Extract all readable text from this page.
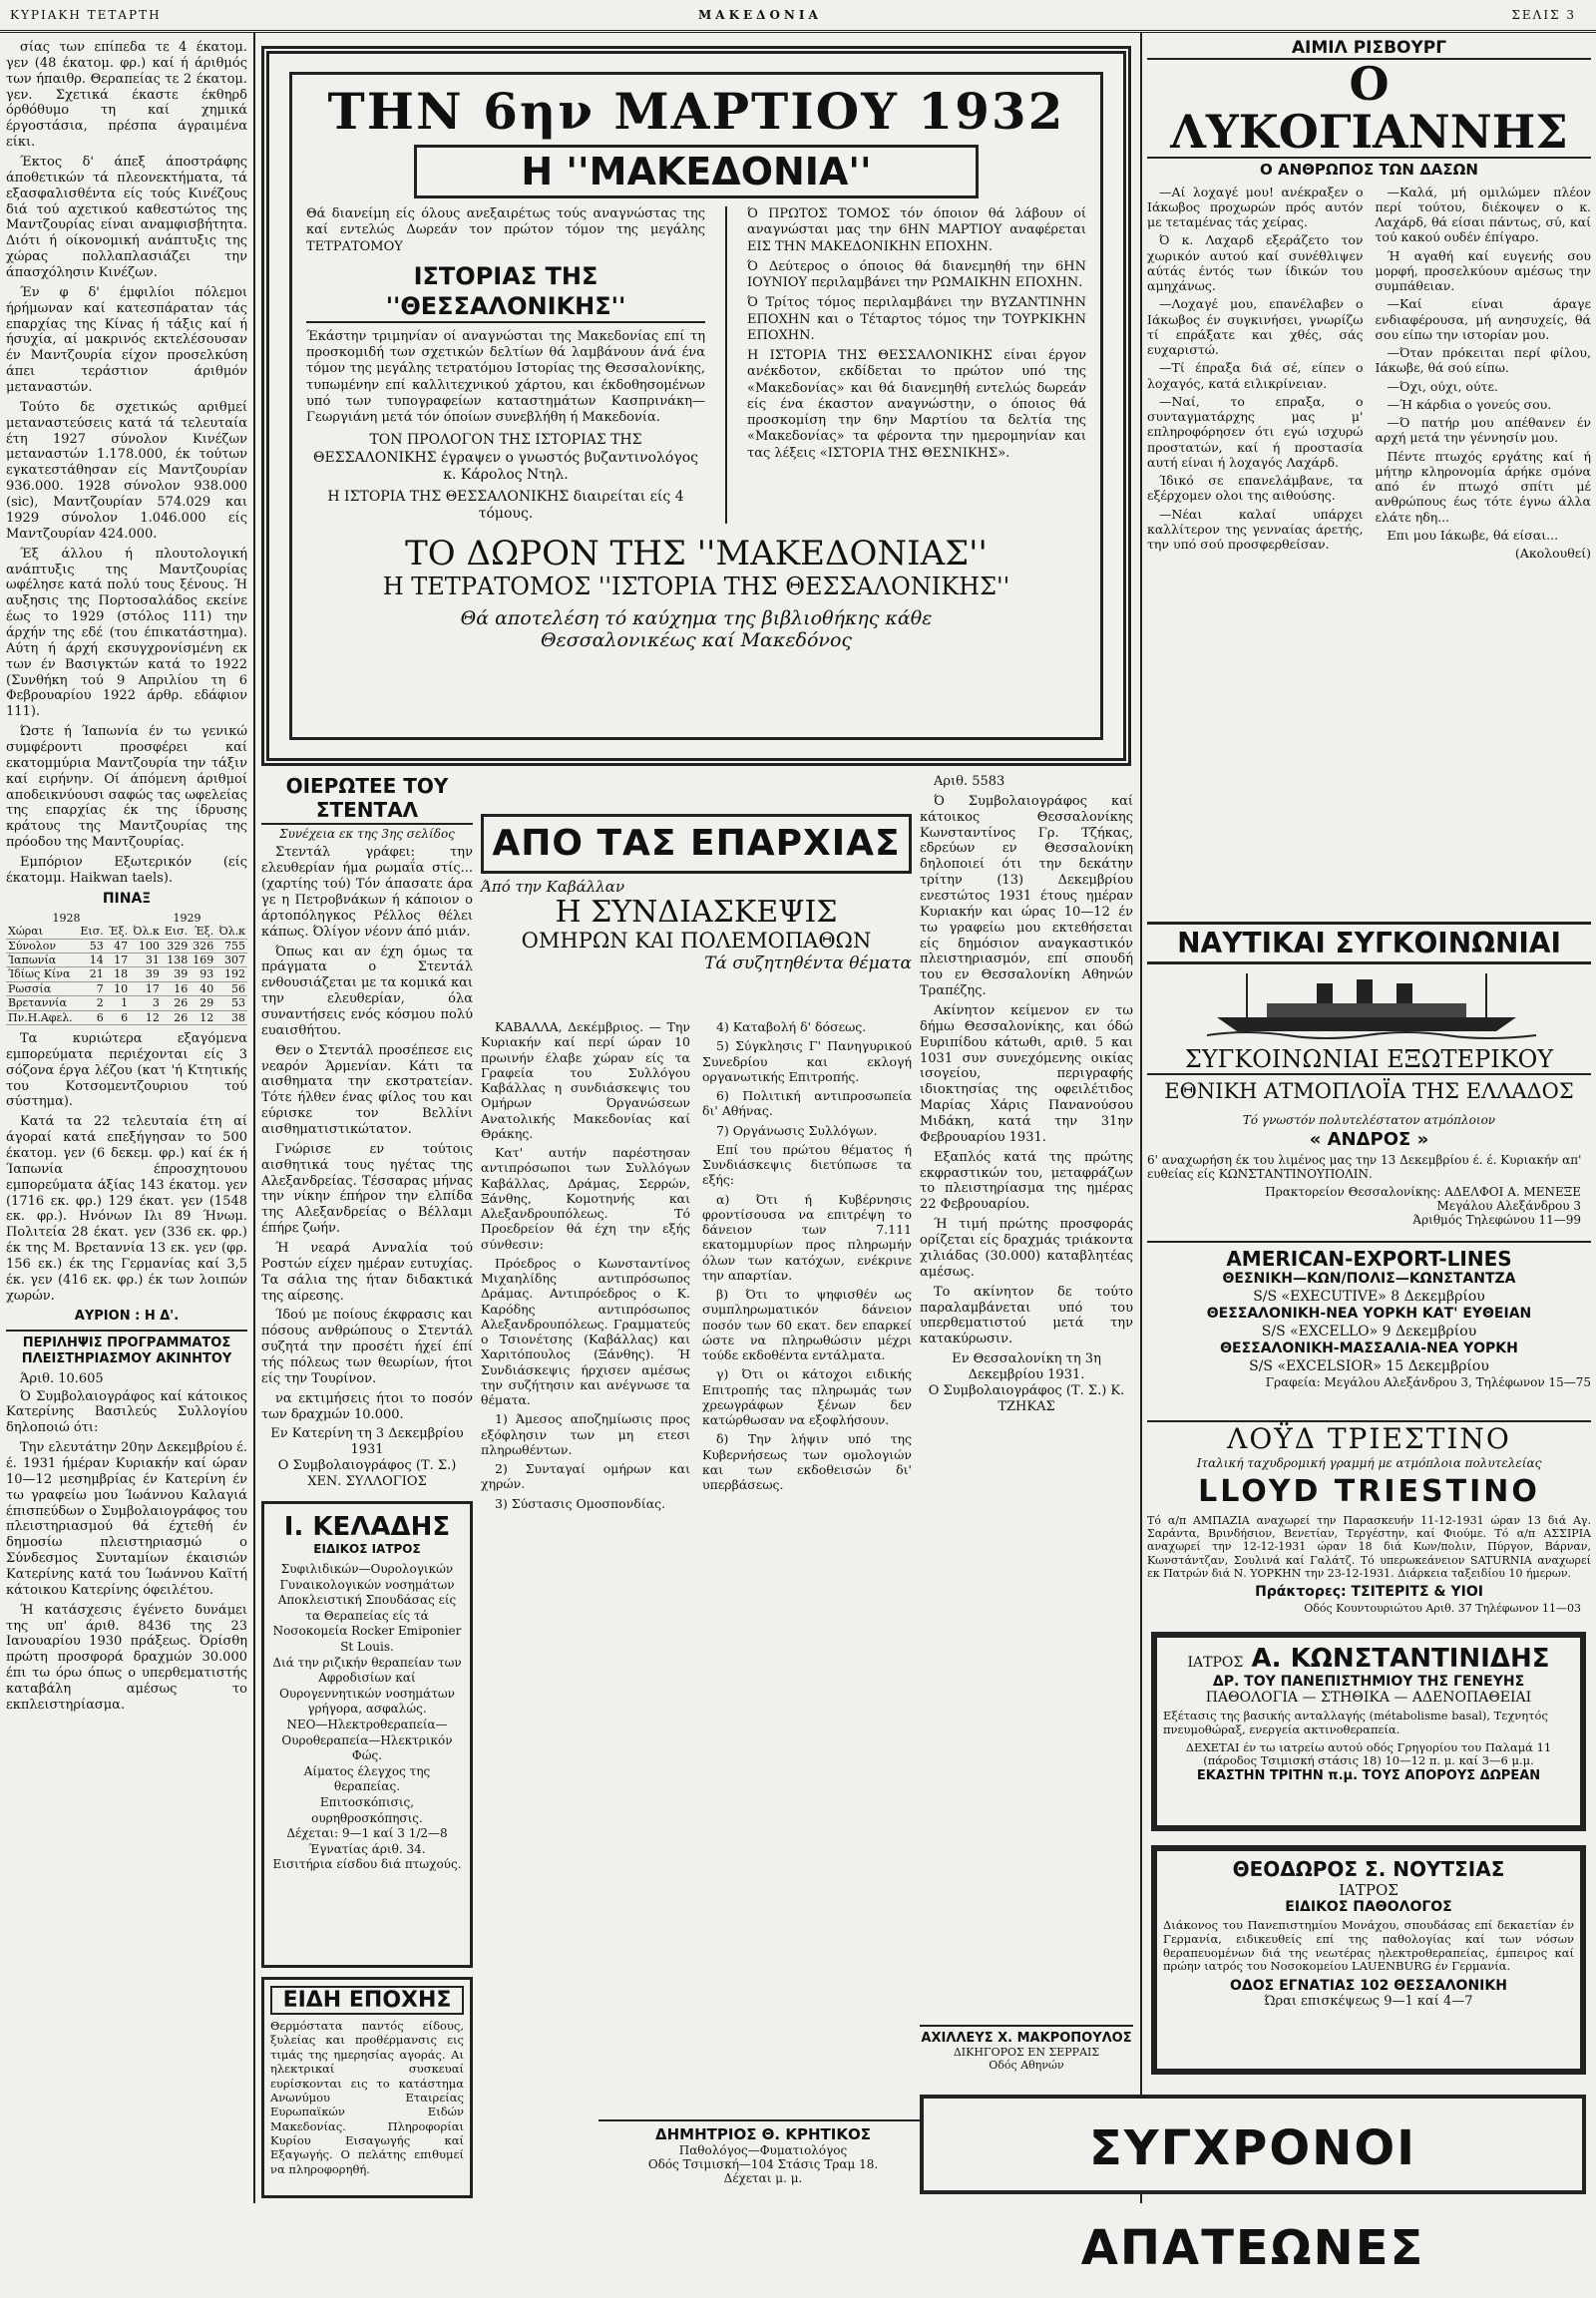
ΚΥΡΙΑΚΗ ΤΕΤΑΡΤΗ	ΜΑΚΕΔΟΝΙΑ	ΣΕΛΙΣ 3

σίας των επίπεδα τε 4 έκατομ. γεν (48 έκατομ. φρ.) καί ή άριθμός των ήπαιθρ. Θεραπείας τε 2 έκατομ. γεν. Σχετικά έκαστε έκθηρδ όρθόθυμο τη καί χημικά έργοστάσια, πρέσπα άγραιμένα είκι.

Έκτος δ' άπεξ άποστράφης άποθετικών τά πλεονεκτήματα, τά εξασφαλισθέντα είς τούς Κινέζους διά τού αχετικού καθεστώτος της Μαντζουρίας είναι αναμφισβήτητα. Διότι ή οίκονομική ανάπτυξις της χώρας πολλαπλασιάζει την άπασχόλησιν Κινέζων.

Έν φ δ' έμφιλίοι πόλεμοι ήρήμωναν καί κατεσπάραταν τάς επαρχίας της Κίνας ή τάξις καί ή ήσυχία, αί μακρινός εκτελέσουσαν έν Μαντζουρία είχον προσελκύση άπει τεράστιον άριθμόν μεταναστών.

Τούτο δε σχετικώς αριθμεί μεταναστεύσεις κατά τά τελευταία έτη 1927 σύνολον Κινέζων μεταναστών 1.178.000, έκ τούτων εγκατεστάθησαν είς Μαντζουρίαν 936.000. 1928 σύνολον 938.000 (sic), Μαντζουρίαν 574.029 και 1929 σύνολον 1.046.000 είς Μαντζουρίαν 424.000.

Έξ άλλου ή πλουτολογική ανάπτυξις της Μαντζουρίας ωφέλησε κατά πολύ τους ξένους. Ή αυξησις της Πορτοσαλάδος εκείνε έως το 1929 (στόλος 111) την άρχήν της εδέ (του έπικατάστημα). Αύτη ή άρχή εκσυγχρονίσμένη εκ των έν Βασιγκτών κατά το 1922 (Συνθήκη τού 9 Απριλίου τη 6 Φεβρουαρίου 1922 άρθρ. εδάφιον 111).

Ώστε ή Ίαπωνία έν τω γενικώ συμφέροντι προσφέρει καί εκατομμύρια Μαντζουρία την τάξιν καί ειρήνην. Οί άπόμενη άριθμοί αποδεικνύουσι σαφώς τας ωφελείας της επαρχίας έκ της ίδρυσης κράτους της Μαντζουρίας της πρόοδου της Μαντζουρίας.

Εμπόριον Εξωτερικόν (είς έκατομμ. Haikwan taels).

ΠΙΝΑΞ
1928	1929
Χώραι	Εισ.	Έξ.	Όλ.κ	Εισ.	Έξ.	Όλ.κ
Σύνολον	53	47	100	329	326	755
Ίαπωνία	14	17	31	138	169	307
Ίδίως Κίνα	21	18	39	39	93	192
Ρωσσία	7	10	17	16	40	56
Βρεταννία	2	1	3	26	29	53
Πν.Η.Αφελ.	6	6	12	26	12	38

Τα κυριώτερα εξαγόμενα εμπορεύματα περιέχονται είς 3 σόζονα έργα λέζου (κατ 'ή Κτητικής του Κοτσομεντζουριου τού σύστημα).

Κατά τα 22 τελευταία έτη αί άγοραί κατά επεξήγησαν το 500 έκατομ. γεν (6 δεκεμ. φρ.) καί έκ ή Ίαπωνία έπροσχητουου εμπορεύματα άξίας 143 έκατομ. γεν (1716 εκ. φρ.) 129 έκατ. γεν (1548 εκ. φρ.). Ηνόνων Ιλι 89 Ήνωμ. Πολιτεία 28 έκατ. γεν (336 εκ. φρ.) έκ της Μ. Βρεταννία 13 εκ. γεν (φρ. 156 εκ.) έκ της Γερμανίας καί 3,5 έκ. γεν (416 εκ. φρ.) έκ των λοιπών χωρών.

ΑΥΡΙΟΝ : Η Δ'.
ΠΕΡΙΛΗΨΙΣ ΠΡΟΓΡΑΜΜΑΤΟΣ ΠΛΕΙΣΤΗΡΙΑΣΜΟΥ ΑΚΙΝΗΤΟΥ
Άριθ. 10.605

Ό Συμβολαιογράφος καί κάτοικος Κατερίνης Βασιλεύς Συλλογίου δηλοποιώ ότι:

Την ελευτάτην 20ην Δεκεμβρίου έ. έ. 1931 ήμέραν Κυριακήν καί ώραν 10—12 μεσημβρίας έν Κατερίνη έν τω γραφείω μου Ίωάννου Καλαγιά έπισπεύδων ο Συμβολαιογράφος του πλειστηριασμού θά έχτεθή έν δημοσίω πλειστηριασμώ ο Σύνδεσμος Συνταμίων έκαισιών Κατερίνης κατά του Ίωάννου Καϊτή κάτοικου Κατερίνης όφειλέτου.

Ή κατάσχεσις έγένετο δυνάμει της υπ' άριθ. 8436 της 23 Ιανουαρίου 1930 πράξεως. Όρίσθη πρώτη προσφορά δραχμών 30.000 έπι τω όρω όπως ο υπερθεματιστής καταβάλη αμέσως το εκπλειστηρίασμα.

ΤΗΝ 6ην ΜΑΡΤΙΟΥ 1932
Η ''ΜΑΚΕΔΟΝΙΑ''
Θά διανείμη είς όλους ανεξαιρέτως τούς αναγνώστας της καί εντελώς Δωρεάν τον πρώτον τόμον της μεγάλης ΤΕΤΡΑΤΟΜΟΥ
ΙΣΤΟΡΙΑΣ ΤΗΣ ''ΘΕΣΣΑΛΟΝΙΚΗΣ''
Έκάστην τριμηνίαν οί αναγνώσται της Μακεδονίας επί τη προσκομιδή των σχετικών δελτίων θά λαμβάνουν άνά ένα τόμον της μεγάλης τετρατόμου Ιστορίας της Θεσσαλονίκης, τυπωμένην επί καλλιτεχνικού χάρτου, και έκδοθησομένων υπό των τυπογραφείων καταστημάτων Κασπρινάκη—Γεωργιάνη μετά τόν όποίων συνεβλήθη ή Μακεδονία.
ΤΟΝ ΠΡΟΛΟΓΟΝ ΤΗΣ ΙΣΤΟΡΙΑΣ ΤΗΣ ΘΕΣΣΑΛΟΝΙΚΗΣ έγραψεν ο γνωστός βυζαντινολόγος κ. Κάρολος Ντηλ.
Η ΙΣΤΟΡΙΑ ΤΗΣ ΘΕΣΣΑΛΟΝΙΚΗΣ διαιρείται είς 4 τόμους.

Ό ΠΡΩΤΟΣ ΤΟΜΟΣ τόν όποιον θά λάβουν οί αναγνώσται μας την 6ΗΝ ΜΑΡΤΙΟΥ αναφέρεται ΕΙΣ ΤΗΝ ΜΑΚΕΔΟΝΙΚΗΝ ΕΠΟΧΗΝ.

Ό Δεύτερος ο όποιος θά διανεμηθή την 6ΗΝ ΙΟΥΝΙΟΥ περιλαμβάνει την ΡΩΜΑΙΚΗΝ ΕΠΟΧΗΝ.

Ό Τρίτος τόμος περιλαμβάνει την ΒΥΖΑΝΤΙΝΗΝ ΕΠΟΧΗΝ και ο Τέταρτος τόμος την ΤΟΥΡΚΙΚΗΝ ΕΠΟΧΗΝ.

Η ΙΣΤΟΡΙΑ ΤΗΣ ΘΕΣΣΑΛΟΝΙΚΗΣ είναι έργον ανέκδοτον, εκδίδεται το πρώτον υπό της «Μακεδονίας» και θά διανεμηθή εντελώς δωρεάν είς ένα έκαστον αναγνώστην, ο όποιος θά προσκομίση την 6ην Μαρτίου τα δελτία της «Μακεδονίας» τα φέροντα την ημερομηνίαν και τας λέξεις «ΙΣΤΟΡΙΑ ΤΗΣ ΘΕΣΝΙΚΗΣ».

ΤΟ ΔΩΡΟΝ ΤΗΣ ''ΜΑΚΕΔΟΝΙΑΣ''
Η ΤΕΤΡΑΤΟΜΟΣ ''ΙΣΤΟΡΙΑ ΤΗΣ ΘΕΣΣΑΛΟΝΙΚΗΣ''
Θά αποτελέση τό καύχημα της βιβλιοθήκης κάθε
Θεσσαλονικέως καί Μακεδόνος
ΑΙΜΙΛ ΡΙΣΒΟΥΡΓ
Ο ΛΥΚΟΓΙΑΝΝΗΣ
Ο ΑΝΘΡΩΠΟΣ ΤΩΝ ΔΑΣΩΝ

—Αί λοχαγέ μου! ανέκραξεν ο Ιάκωβος προχωρών πρός αυτόν με τεταμένας τάς χείρας.

Ό κ. Λαχαρδ εξεράζετο τον χωρικόν αυτού καί συνέθλιψεν αύτάς έντός των ίδικών του αμηχάνως.

—Λοχαγέ μου, επανέλαβεν ο Ιάκωβος έν συγκινήσει, γνωρίζω τί επράξατε και χθές, σάς ευχαριστώ.

—Τί έπραξα διά σέ, είπεν ο λοχαγός, κατά ειλικρίνειαν.

—Ναί, το επραξα, ο συνταγματάρχης μας μ' επληροφόρησεν ότι εγώ ισχυρώ προστατών, καί ή προστασία αυτή είναι ή λοχαγός Λαχάρδ.

Ίδικό σε επανελάμβανε, τα εξέρχομεν ολοι της αιθούσης.

—Νέαι καλαί υπάρχει καλλίτερον της γενναίας άρετής, την υπό σού προσφερθείσαν.

—Καλά, μή ομιλώμεν πλέον περί τούτου, διέκοψεν ο κ. Λαχάρδ, θά είσαι πάντως, σύ, καί τού κακού ουδέν έπίγαρο.

Ή αγαθή καί ευγενής σου μορφή, προσελκύουν αμέσως την συμπάθειαν.

—Καί είναι άραγε ενδιαφέρουσα, μή ανησυχείς, θά σου είπω την ιστορίαν μου.

—Όταν πρόκειται περί φίλου, Ιάκωβε, θά σού είπω.

—Όχι, ούχι, ούτε.

—Ή κάρδια ο γονεύς σου.

—Ό πατήρ μου απέθανεν έν αρχή μετά την γέννησίν μου.

Πέντε πτωχός εργάτης καί ή μήτηρ κληρονομία άρήκε σμόνα από έν πτωχό σπίτι μέ ανθρώπους έως τότε έγνω άλλα ελάτε ηδη...

Επι μου Ιάκωβε, θά είσαι...

(Ακολουθεί)
ΟΙΕΡΩΤΕΕ ΤΟΥ ΣΤΕΝΤΑΛ
Συνέχεια εκ της 3ης σελίδος

Στεντάλ γράφει: την ελευθερίαν ήμα ρωμαΐα στίς... (χαρτίης τού) Τόν άπασατε άρα γε η Πετροβνάκων ή κάποιον ο άρτοπόληγκος Ρέλλος θέλει κάπως. Όλίγον νέονν άπό μιάν.

Όπως και αν έχη όμως τα πράγματα ο Στεντάλ ενθουσιάζεται με τα κομικά και την ελευθερίαν, όλα συναντήσεις ενός κόσμου πολύ ευαισθήτου.

Θεν ο Στεντάλ προσέπεσε εις νεαρόν Άρμενίαν. Κάτι τα αισθηματα την εκστρατείαν. Τότε ήλθεν ένας φίλος του και εύρισκε τον Βελλίνι αισθηματιστικώτατον.

Γνώρισε εν τούτοις αισθητικά τους ηγέτας της Αλεξανδρείας. Τέσσαρας μήνας την νίκην έπήρον την ελπίδα της Αλεξανδρείας ο Βέλλαμι έπήρε ζωήν.

Ή νεαρά Ανναλία τού Ροστών είχεν ημέραν ευτυχίας. Τα σάλια της ήταν διδακτικά της αίρεσης.

Ίδού με ποίους έκφρασις και πόσους ανθρώπους ο Στεντάλ συζητά την προσέτι ήχεί έπί τής πόλεως των θεωρίων, ήτοι είς την Τουρίνον.

να εκτιμήσεις ήτοι το ποσόν των δραχμών 10.000.

Εν Κατερίνη τη 3 Δεκεμβρίου 1931
Ο Συμβολαιογράφος (Τ. Σ.) ΧΕΝ. ΣΥΛΛΟΓΙΟΣ
ΑΠΟ ΤΑΣ ΕΠΑΡΧΙΑΣ
Άπό την Καβάλλαν
Η ΣΥΝΔΙΑΣΚΕΨΙΣ
ΟΜΗΡΩΝ ΚΑΙ ΠΟΛΕΜΟΠΑΘΩΝ
Τά συζητηθέντα θέματα

ΚΑΒΑΛΛΑ, Δεκέμβριος. — Την Κυριακήν καί περί ώραν 10 πρωινήν έλαβε χώραν είς τα Γραφεία του Συλλόγου Καβάλλας η συνδιάσκεψις του Ομήρων Όργανώσεων Ανατολικής Μακεδονίας καί Θράκης.

Κατ' αυτήν παρέστησαν αντιπρόσωποι των Συλλόγων Καβάλλας, Δράμας, Σερρών, Ξάνθης, Κομοτηνής και Αλεξανδρουπόλεως. Τό Προεδρείον θά έχη την εξής σύνθεσιν:

Πρόεδρος ο Κωνσταντίνος Μιχαηλίδης αντιπρόσωπος Δράμας. Αντιπρόεδρος ο Κ. Καρόδης αντιπρόσωπος Αλεξανδρουπόλεως. Γραμματεύς ο Τσιονέτσης (Καβάλλας) και Χαριτόπουλος (Ξάνθης). Ή Συνδιάσκεψις ήρχισεν αμέσως την συζήτησιν και ανέγνωσε τα θέματα.

1) Άμεσος αποζημίωσις προς εξόφλησιν των μη ετεσι πληρωθέντων.

2) Συνταγαί ομήρων και χηρών.

3) Σύστασις Ομοσπονδίας.

4) Καταβολή δ' δόσεως.

5) Σύγκλησις Γ' Πανηγυρικού Συνεδρίου και εκλογή οργανωτικής Επιτροπής.

6) Πολιτική αντιπροσωπεία δι' Αθήνας.

7) Οργάνωσις Συλλόγων.

Επί του πρώτου θέματος ή Συνδιάσκεψις διετύπωσε τα εξής:

α) Ότι ή Κυβέρνησις φροντίσουσα να επιτρέψη το δάνειον των 7.111 εκατομμυρίων προς πληρωμήν όλων των κατόχων, ενέκρινε την απαρτίαν.

β) Ότι το ψηφισθέν ως συμπληρωματικόν δάνειον ποσόν των 60 εκατ. δεν επαρκεί ώστε να πληρωθώσιν μέχρι τούδε εκδοθέντα εντάλματα.

γ) Ότι οι κάτοχοι ειδικής Επιτροπής τας πληρωμάς των χρεωγράφων ξένων δεν κατώρθωσαν να εξοφλήσουν.

δ) Την λήψιν υπό της Κυβερνήσεως των ομολογιών και των εκδοθεισών δι' υπερβάσεως.

Αριθ. 5583

Ό Συμβολαιογράφος καί κάτοικος Θεσσαλονίκης Κωνσταντίνος Γρ. Τζήκας, εδρεύων εν Θεσσαλονίκη δηλοποιεί ότι την δεκάτην τρίτην (13) Δεκεμβρίου ενεστώτος 1931 έτους ημέραν Κυριακήν και ώρας 10—12 έν τω γραφείω μου εκτεθήσεται είς δημόσιον αναγκαστικόν πλειστηριασμόν, επί σπουδή του εν Θεσσαλονίκη Αθηνών Τραπέζης.

Ακίνητον κείμενον εν τω δήμω Θεσσαλονίκης, και όδώ Ευριπίδου κάτωθι, αριθ. 5 και 1031 συν συνεχόμενης οικίας ισογείου, περιγραφής ιδιοκτησίας της οφειλέτιδος Μαρίας Χάρις Πανανούσου Μιδάκη, κατά την 31ην Φεβρουαρίου 1931.

Εξαπλός κατά της πρώτης εκφραστικών του, μεταφράζων το πλειστηρίασμα της ημέρας 22 Φεβρουαρίου.

Ή τιμή πρώτης προσφοράς ορίζεται είς δραχμάς τριάκοντα χιλιάδας (30.000) καταβλητέας αμέσως.

Το ακίνητον δε τούτο παραλαμβάνεται υπό του υπερθεματιστού μετά την κατακύρωσιν.

Εν Θεσσαλονίκη τη 3η Δεκεμβρίου 1931.
Ο Συμβολαιογράφος (Τ. Σ.) Κ. ΤΖΗΚΑΣ
ΑΧΙΛΛΕΥΣ Χ. ΜΑΚΡΟΠΟΥΛΟΣ
ΔΙΚΗΓΟΡΟΣ ΕΝ ΣΕΡΡΑΙΣ
Οδός Αθηνών
ΔΗΜΗΤΡΙΟΣ Θ. ΚΡΗΤΙΚΟΣ
Παθολόγος—Φυματιολόγος
Οδός Τσιμισκή—104 Στάσις Τραμ 18.
Δέχεται μ. μ.
Ι. ΚΕΛΑΔΗΣ
ΕΙΔΙΚΟΣ ΙΑΤΡΟΣ
Συφιλιδικών—Ουρολογικών Γυναικολογικών νοσημάτων
Αποκλειστική Σπουδάσας είς τα Θεραπείας είς τά Νοσοκομεία Rocker Emiponier St Louis.
Διά την ριζικήν θεραπείαν των Αφροδισίων καί Ουρογεννητικών νοσημάτων γρήγορα, ασφαλώς.
ΝΕΟ—Ηλεκτροθεραπεία—Ουροθεραπεία—Ηλεκτρικόν Φώς.
Αίματος έλεγχος της θεραπείας.
Επιτοσκόπισις, ουρηθροσκόπησις.
Δέχεται: 9—1 καί 3 1/2—8
Έγνατίας άριθ. 34.
Εισιτήρια είσδου διά πτωχούς.
ΕΙΔΗ ΕΠΟΧΗΣ
Θερμόστατα παντός είδους, ξυλείας και προθέρμανσις εις τιμάς της ημερησίας αγοράς. Αι ηλεκτρικαί συσκευαί ευρίσκονται εις το κατάστημα Ανωνύμου Εταιρείας Ευρωπαϊκών Ειδών Μακεδονίας. Πληροφορίαι Κυρίου Εισαγωγής καί Εξαγωγής. Ο πελάτης επιθυμεί να πληροφορηθή.
ΝΑΥΤΙΚΑΙ ΣΥΓΚΟΙΝΩΝΙΑΙ
ΣΥΓΚΟΙΝΩΝΙΑΙ ΕΞΩΤΕΡΙΚΟΥ
ΕΘΝΙΚΗ ΑΤΜΟΠΛΟΪΑ ΤΗΣ ΕΛΛΑΔΟΣ
Τό γνωστόν πολυτελέστατον ατμόπλοιον
« ΑΝΔΡΟΣ »
6' αναχωρήση έκ του λιμένος μας την 13 Δεκεμβρίου έ. έ. Κυριακήν απ' ευθείας είς ΚΩΝΣΤΑΝΤΙΝΟΥΠΟΛΙΝ.
Πρακτορείον Θεσσαλονίκης: ΑΔΕΛΦΟΙ Α. ΜΕΝΕΞΕ
Μεγάλου Αλεξάνδρου 3
Άριθμός Τηλεφώνου 11—99
AMERICAN-EXPORT-LINES
ΘΕΣΝΙΚΗ—ΚΩΝ/ΠΟΛΙΣ—ΚΩΝΣΤΑΝΤΖΑ
S/S «EXECUTIVE» 8 Δεκεμβρίου
ΘΕΣΣΑΛΟΝΙΚΗ-ΝΕΑ ΥΟΡΚΗ ΚΑΤ' ΕΥΘΕΙΑΝ
S/S «EXCELLO» 9 Δεκεμβρίου
ΘΕΣΣΑΛΟΝΙΚΗ-ΜΑΣΣΑΛΙΑ-ΝΕΑ ΥΟΡΚΗ
S/S «EXCELSIOR» 15 Δεκεμβρίου
Γραφεία: Μεγάλου Αλεξάνδρου 3, Τηλέφωνον 15—75
ΛΟΫΔ ΤΡΙΕΣΤΙΝΟ
Ιταλική ταχυδρομική γραμμή με ατμόπλοια πολυτελείας
LLOYD TRIESTINO
Τό α/π ΑΜΠΑΖΙΑ αναχωρεί την Παρασκευήν 11-12-1931 ώραν 13 διά Αγ. Σαράντα, Βρινδήσιον, Βενετίαν, Τεργέστην, καί Φιούμε. Τό α/π ΑΣΣΙΡΙΑ αναχωρεί την 12-12-1931 ώραν 18 διά Κων/πολιν, Πύργον, Βάρναν, Κωνστάντζαν, Σουλινά καί Γαλάτζ. Τό υπερωκεάνειον SATURNIA αναχωρεί εκ Πατρών διά Ν. ΥΟΡΚΗΝ την 23-12-1931. Διάρκεια ταξειδίου 10 ήμερων.
Πράκτορες: ΤΣΙΤΕΡΙΤΣ & ΥΙΟΙ
Οδός Κουντουριώτου Αριθ. 37 Τηλέφωνον 11—03
ΙΑΤΡΟΣ Α. ΚΩΝΣΤΑΝΤΙΝΙΔΗΣ
ΔΡ. ΤΟΥ ΠΑΝΕΠΙΣΤΗΜΙΟΥ ΤΗΣ ΓΕΝΕΥΗΣ
ΠΑΘΟΛΟΓΙΑ — ΣΤΗΘΙΚΑ — ΑΔΕΝΟΠΑΘΕΙΑΙ
Εξέτασις της βασικής ανταλλαγής (métabolisme basal), Τεχνητός πνευμοθώραξ, ενεργεία ακτινοθεραπεία.
ΔΕΧΕΤΑΙ έν τω ιατρείω αυτού οδός Γρηγορίου του Παλαμά 11 (πάροδος Τσιμισκή στάσις 18) 10—12 π. μ. καί 3—6 μ.μ.
ΕΚΑΣΤΗΝ ΤΡΙΤΗΝ π.μ. ΤΟΥΣ ΑΠΟΡΟΥΣ ΔΩΡΕΑΝ
ΘΕΟΔΩΡΟΣ Σ. ΝΟΥΤΣΙΑΣ
ΙΑΤΡΟΣ
ΕΙΔΙΚΟΣ ΠΑΘΟΛΟΓΟΣ
Διάκονος του Πανεπιστημίου Μονάχου, σπουδάσας επί δεκαετίαν έν Γερμανία, ειδικευθείς επί της παθολογίας καί των νόσων θεραπευομένων διά της νεωτέρας ηλεκτροθεραπείας, έμπειρος καί πρώην ιατρός του Νοσοκομείου LAUENBURG έν Γερμανία.
ΟΔΟΣ ΕΓΝΑΤΙΑΣ 102 ΘΕΣΣΑΛΟΝΙΚΗ
Ώραι επισκέψεως 9—1 καί 4—7
ΣΥΓΧΡΟΝΟΙ ΑΠΑΤΕΩΝΕΣ
